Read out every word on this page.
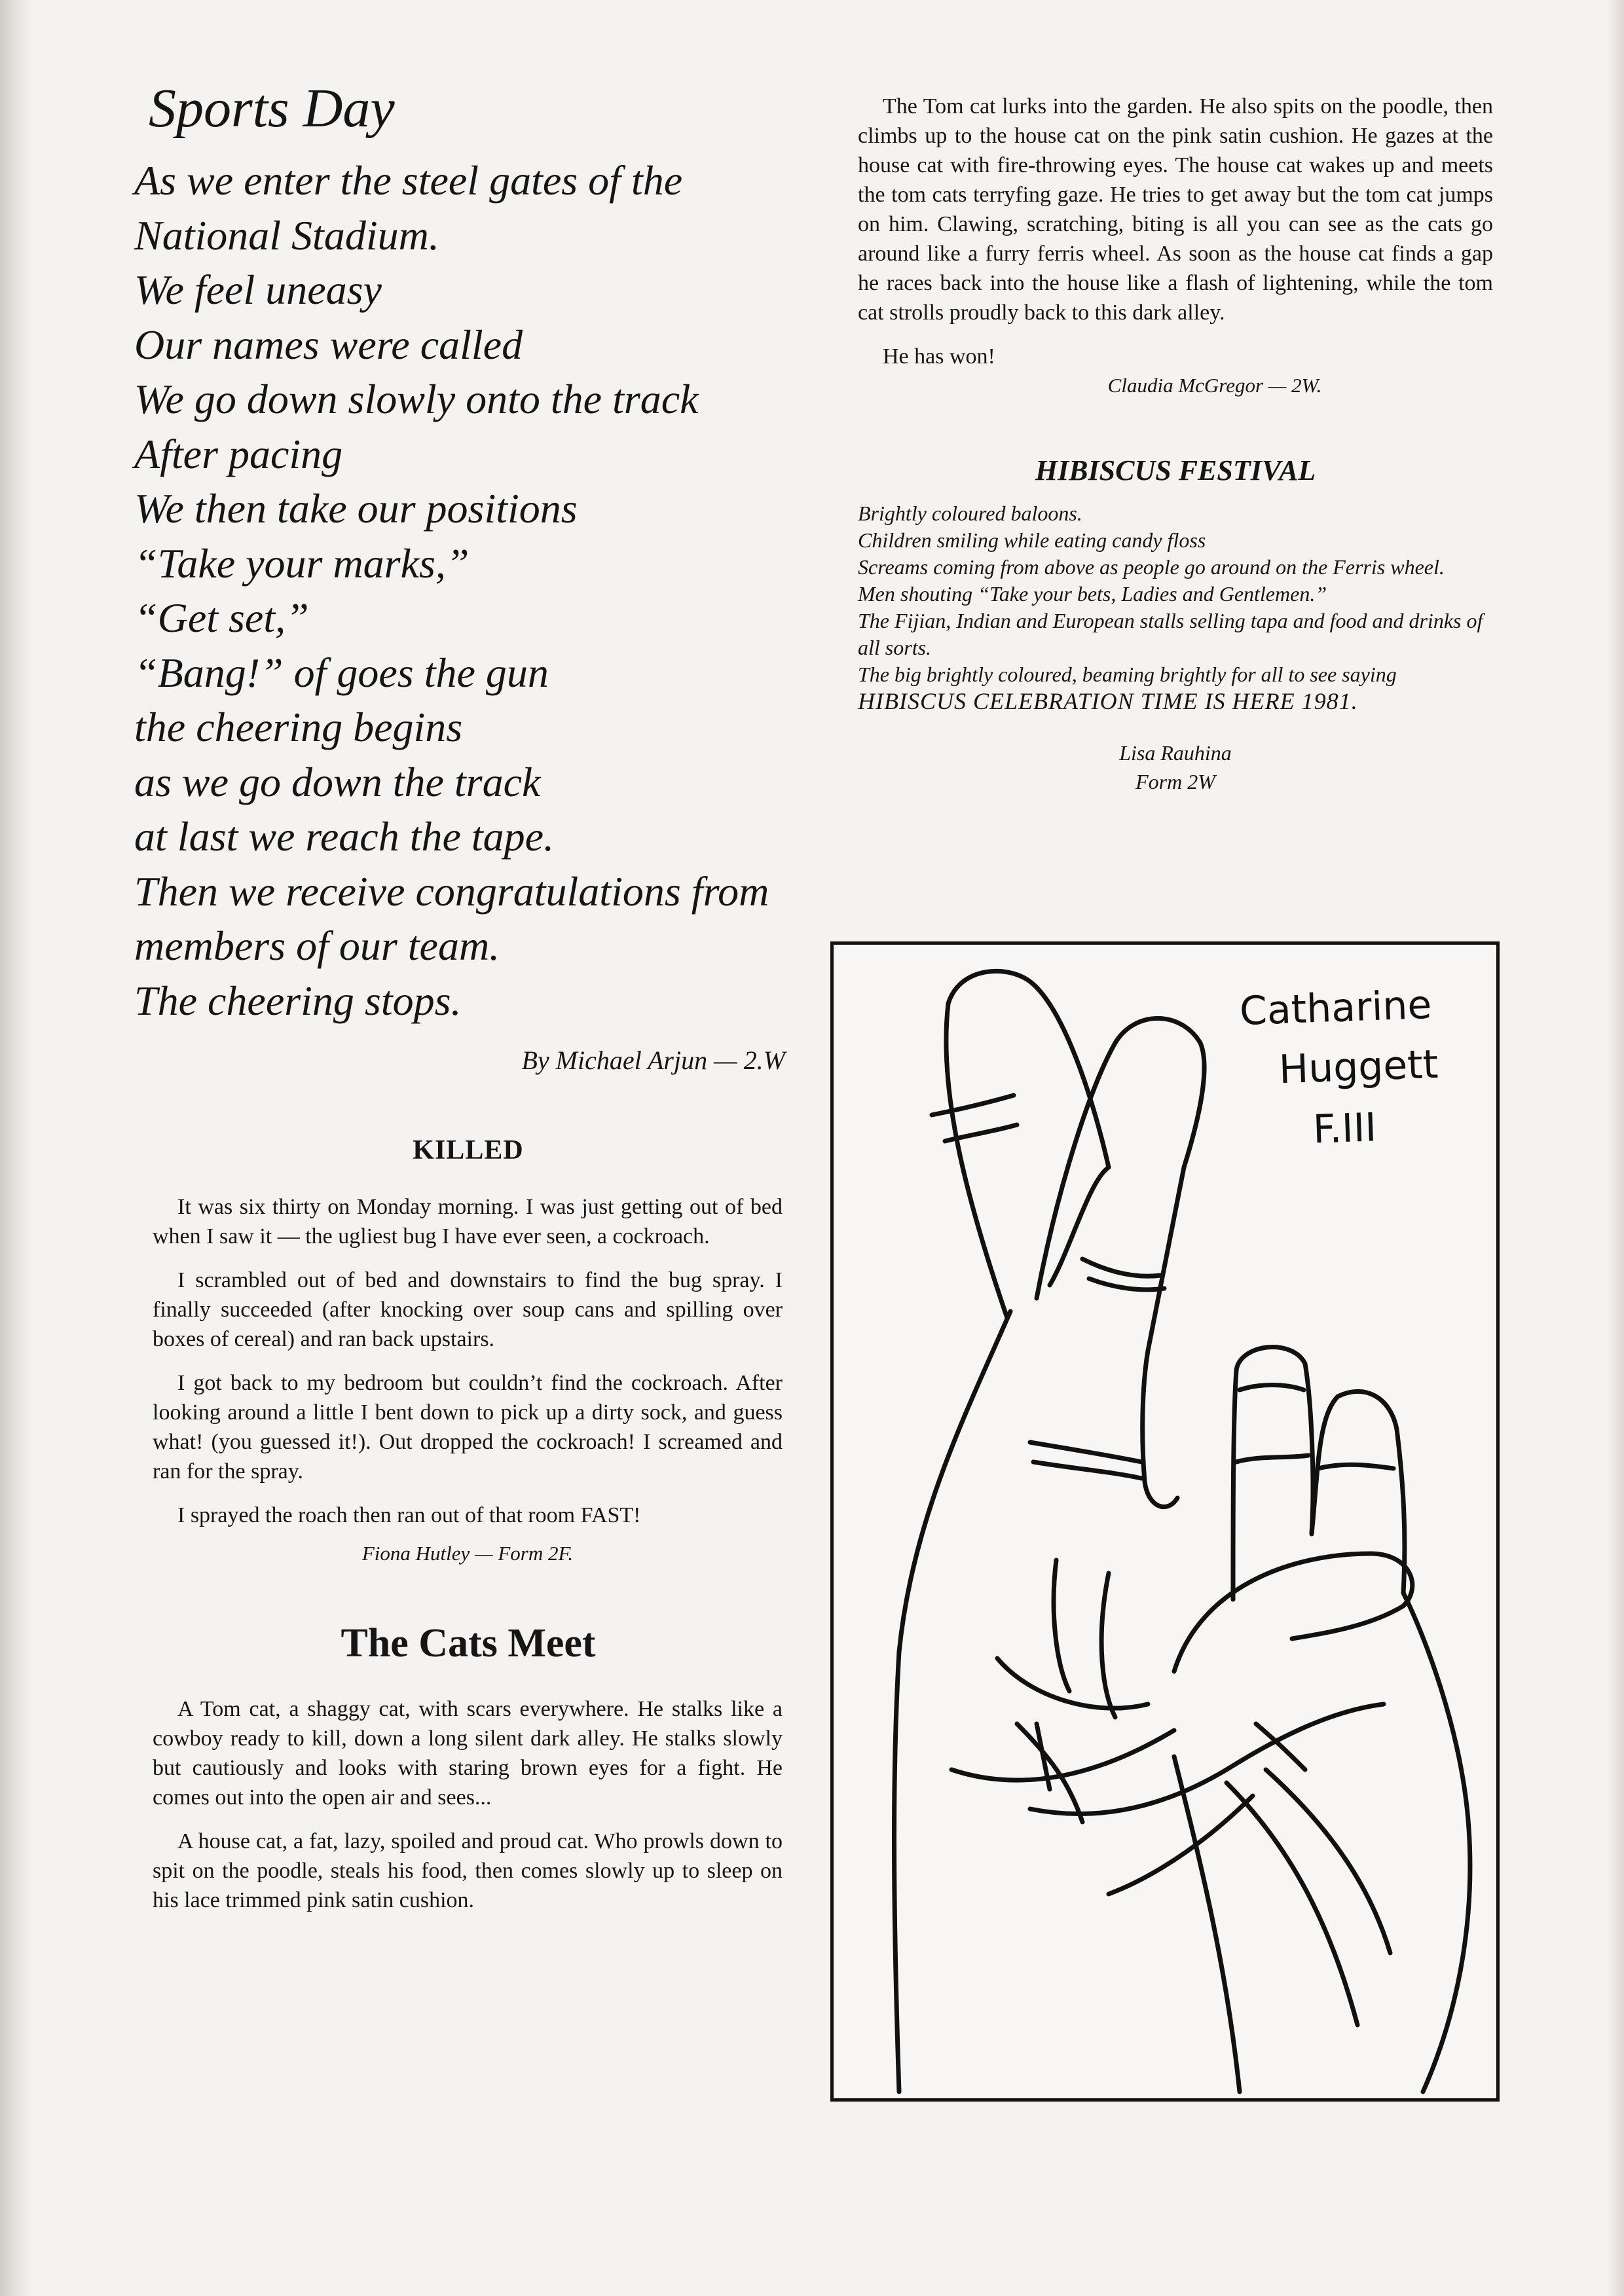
Sports Day
As we enter the steel gates of the
National Stadium.
We feel uneasy
Our names were called
We go down slowly onto the track
After pacing
We then take our positions
“Take your marks,”
“Get set,”
“Bang!” of goes the gun
the cheering begins
as we go down the track
at last we reach the tape.
Then we receive congratulations from
members of our team.
The cheering stops.
By Michael Arjun — 2.W
KILLED

It was six thirty on Monday morning. I was just getting out of bed when I saw it — the ugliest bug I have ever seen, a cockroach.

I scrambled out of bed and downstairs to find the bug spray. I finally succeeded (after knocking over soup cans and spilling over boxes of cereal) and ran back upstairs.

I got back to my bedroom but couldn’t find the cockroach. After looking around a little I bent down to pick up a dirty sock, and guess what! (you guessed it!). Out dropped the cockroach! I screamed and ran for the spray.

I sprayed the roach then ran out of that room FAST!

Fiona Hutley — Form 2F.
The Cats Meet

A Tom cat, a shaggy cat, with scars everywhere. He stalks like a cowboy ready to kill, down a long silent dark alley. He stalks slowly but cautiously and looks with staring brown eyes for a fight. He comes out into the open air and sees...

A house cat, a fat, lazy, spoiled and proud cat. Who prowls down to spit on the poodle, steals his food, then comes slowly up to sleep on his lace trimmed pink satin cushion.

The Tom cat lurks into the garden. He also spits on the poodle, then climbs up to the house cat on the pink satin cushion. He gazes at the house cat with fire-throwing eyes. The house cat wakes up and meets the tom cats terryfing gaze. He tries to get away but the tom cat jumps on him. Clawing, scratching, biting is all you can see as the cats go around like a furry ferris wheel. As soon as the house cat finds a gap he races back into the house like a flash of lightening, while the tom cat strolls proudly back to this dark alley.

He has won!

Claudia McGregor — 2W.
HIBISCUS FESTIVAL
Brightly coloured baloons.
Children smiling while eating candy floss
Screams coming from above as people go around on the Ferris wheel.
Men shouting “Take your bets, Ladies and Gentlemen.”
The Fijian, Indian and European stalls selling tapa and food and drinks of all sorts.
The big brightly coloured, beaming brightly for all to see saying
HIBISCUS CELEBRATION TIME IS HERE 1981.
Lisa Rauhina
Form 2W
Catharine
Huggett
F.III
